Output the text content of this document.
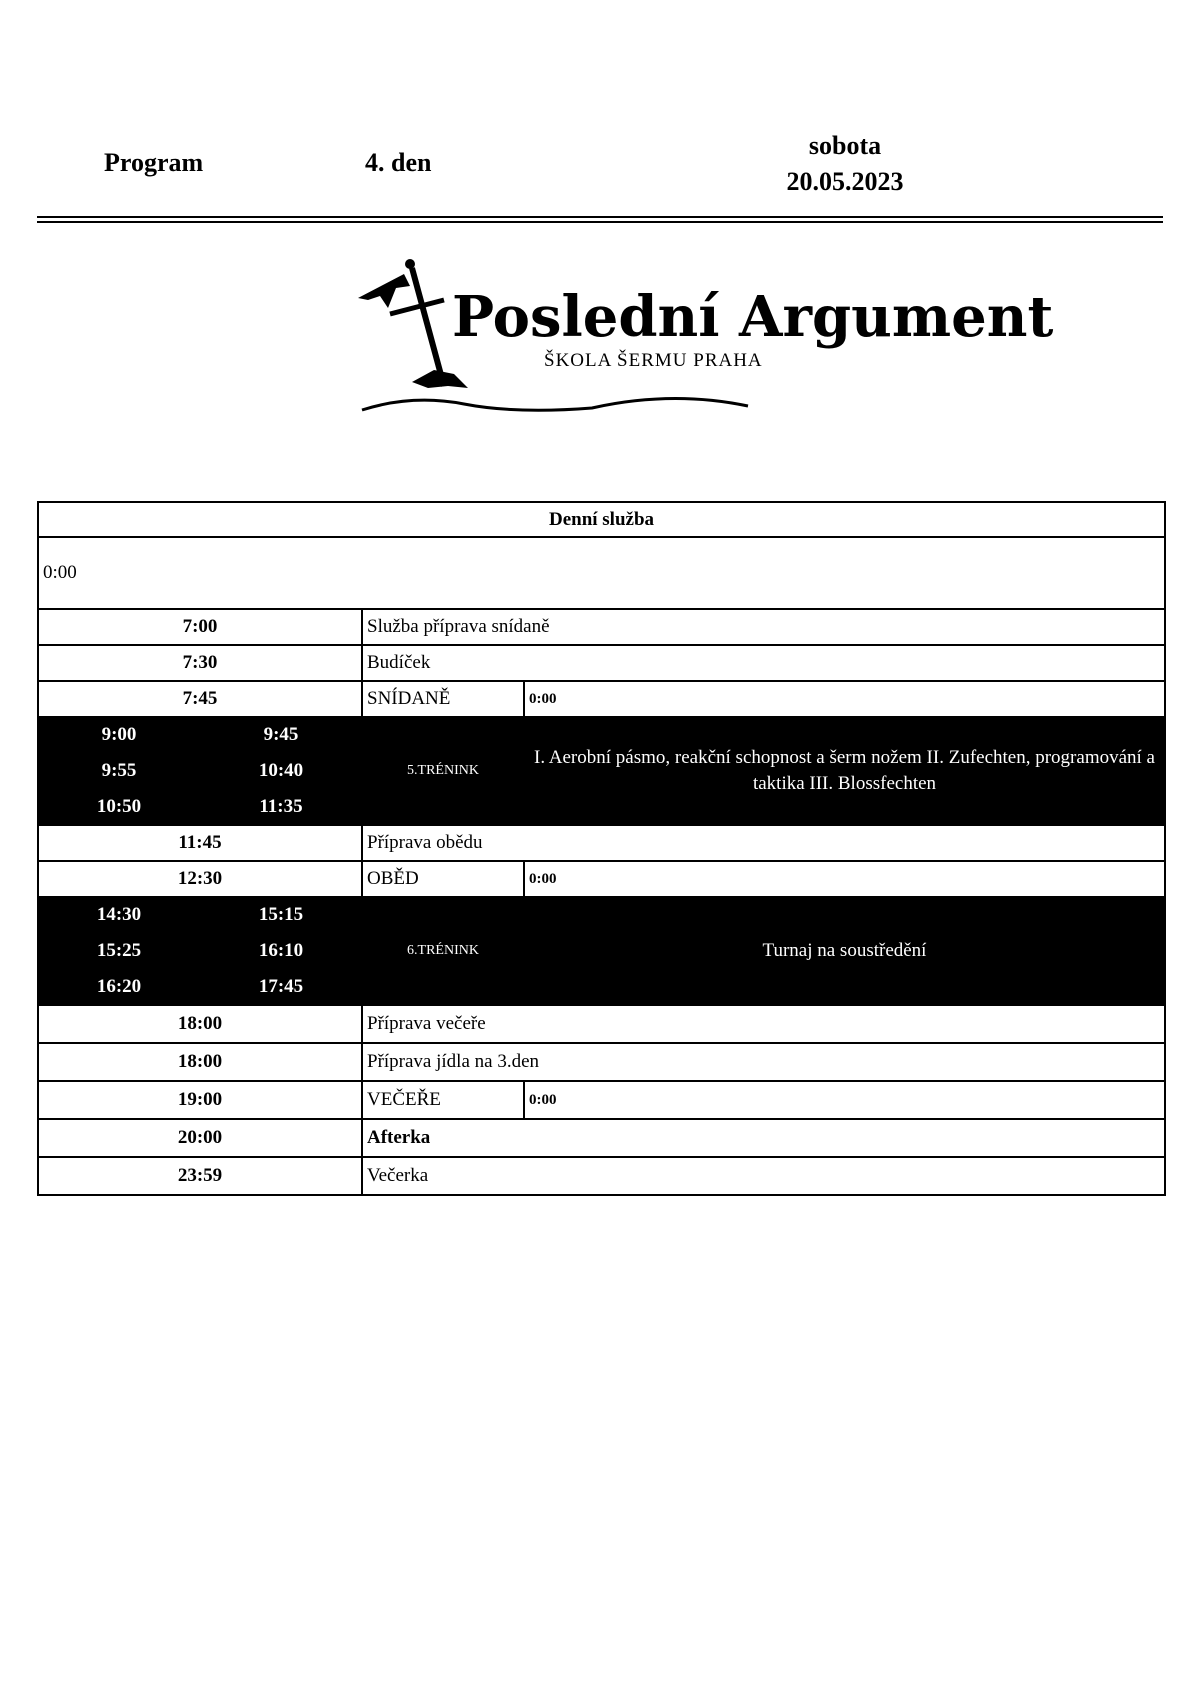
Program	4. den
sobota
20.05.2023
Poslední Argument
ŠKOLA ŠERMU PRAHA
Denní služba			
0:00			
7:00		Služba příprava snídaně	
7:30		Budíček	
7:45		SNÍDANĚ	0:00
9:00	9:45	5.TRÉNINK	I. Aerobní pásmo, reakční schopnost a šerm nožem II. Zufechten, programování a taktika III. Blossfechten
9:55	10:40		
10:50	11:35		
11:45		Příprava obědu	
12:30		OBĚD	0:00
14:30	15:15	6.TRÉNINK	Turnaj na soustředění
15:25	16:10		
16:20	17:45		
18:00		Příprava večeře	
18:00		Příprava jídla na 3.den	
19:00		VEČEŘE	0:00
20:00		Afterka	
23:59		Večerka	
